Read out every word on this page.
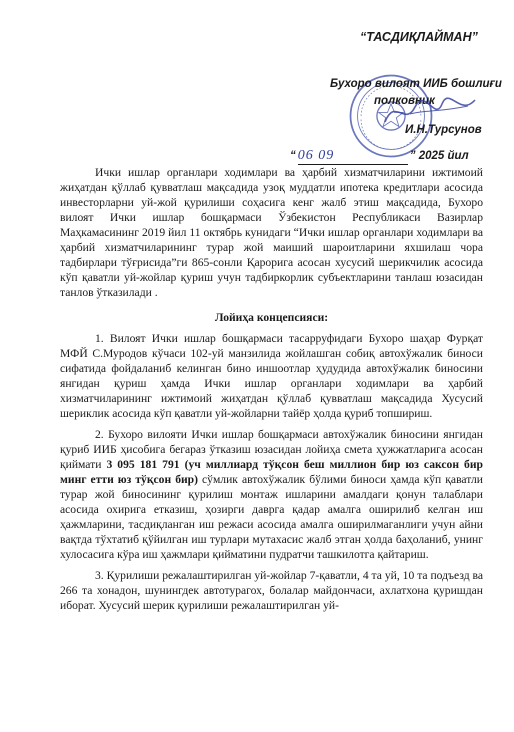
“ТАСДИҚЛАЙМАН”
Бухоро вилоят ИИБ бошлиғи
полковник
И.Н.Турсунов
“ 06 09	” 2025 йил

Ички ишлар органлари ходимлари ва ҳарбий хизматчиларини ижтимоий жиҳатдан қўллаб қувватлаш мақсадида узоқ муддатли ипотека кредитлари асосида инвесторларни уй-жой қурилиши соҳасига кенг жалб этиш мақсадида, Бухоро вилоят Ички ишлар бошқармаси Ўзбекистон Республикаси Вазирлар Маҳкамасининг 2019 йил 11 октябрь кунидаги “Ички ишлар органлари ходимлари ва ҳарбий хизматчиларининг турар жой маиший шароитларини яхшилаш чора тадбирлари тўғрисида”ги 865-сонли Қарорига асосан хусусий шерикчилик асосида кўп қаватли уй-жойлар қуриш учун тадбиркорлик субъектларини танлаш юзасидан танлов ўтказилади .

Лойиҳа концепсияси:

1. Вилоят Ички ишлар бошқармаси тасарруфидаги Бухоро шаҳар Фурқат МФЙ С.Муродов кўчаси 102-уй манзилида жойлашган собиқ автохўжалик биноси сифатида фойдаланиб келинган бино иншоотлар ҳудудида автохўжалик биносини янгидан қуриш ҳамда Ички ишлар органлари ходимлари ва ҳарбий хизматчиларининг ижтимоий жиҳатдан қўллаб қувватлаш мақсадида Хусусий шериклик асосида кўп қаватли уй-жойларни тайёр ҳолда қуриб топшириш.

2. Бухоро вилояти Ички ишлар бошқармаси автохўжалик биносини янгидан қуриб ИИБ ҳисобига бегараз ўтказиш юзасидан лойиҳа смета ҳужжатларига асосан қиймати 3 095 181 791 (уч миллиард тўқсон беш миллион бир юз саксон бир минг етти юз тўқсон бир) сўмлик автохўжалик бўлими биноси ҳамда кўп қаватли турар жой биносининг қурилиш монтаж ишларини амалдаги қонун талаблари асосида охирига етказиш, ҳозирги даврга қадар амалга оширилиб келган иш ҳажмларини, тасдиқланган иш режаси асосида амалга оширилмаганлиги учун айни вақтда тўхтатиб қўйилган иш турлари мутахасис жалб этган ҳолда баҳоланиб, унинг хулосасига кўра иш ҳажмлари қийматини пудратчи ташкилотга қайтариш.

3. Қурилиши режалаштирилган уй-жойлар 7-қаватли, 4 та уй, 10 та подъезд ва 266 та хонадон, шунингдек автотурагох, болалар майдончаси, ахлатхона қуришдан иборат. Хусусий шерик қурилиши режалаштирилган уй-
